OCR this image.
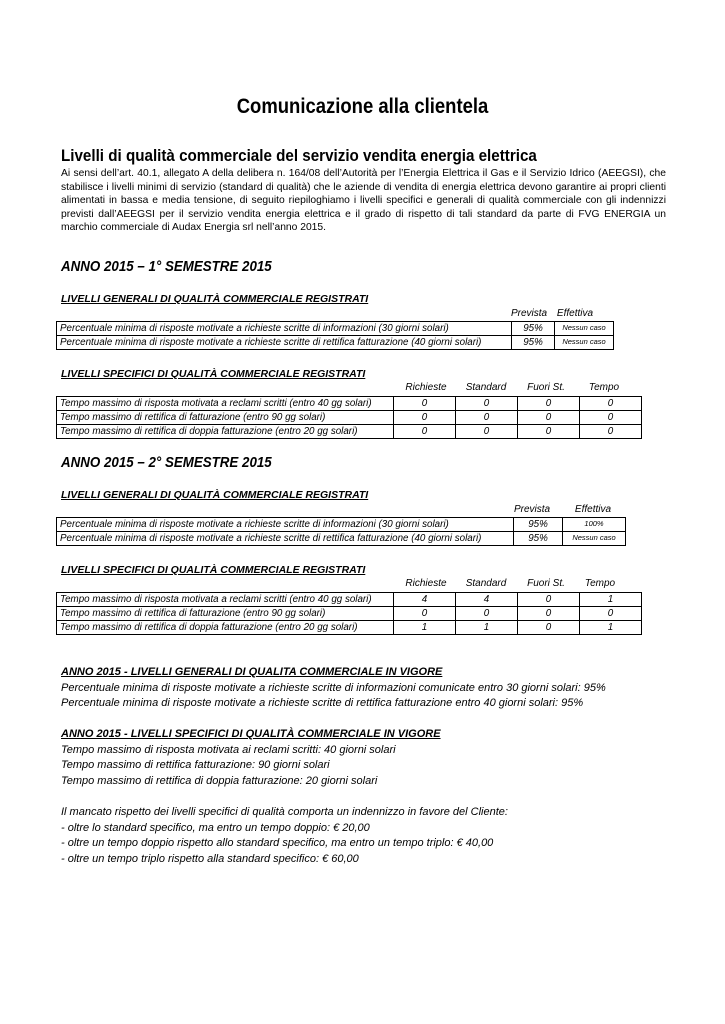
Comunicazione alla clientela
Livelli di qualità commerciale del servizio vendita energia elettrica
Ai sensi dell’art. 40.1, allegato A della delibera n. 164/08 dell’Autorità per l’Energia Elettrica il Gas e il Servizio Idrico (AEEGSI), che stabilisce i livelli minimi di servizio (standard di qualità) che le aziende di vendita di energia elettrica devono garantire ai propri clienti alimentati in bassa e media tensione, di seguito riepiloghiamo i livelli specifici e generali di qualità commerciale con gli indennizzi previsti dall’AEEGSI per il servizio vendita energia elettrica e il grado di rispetto di tali standard da parte di FVG ENERGIA un marchio commerciale di Audax Energia srl nell’anno 2015.
ANNO 2015 – 1° SEMESTRE 2015
LIVELLI GENERALI DI QUALITÀ COMMERCIALE REGISTRATI
Prevista Effettiva
Percentuale minima di risposte motivate a richieste scritte di informazioni (30 giorni solari)	95%	Nessun caso
Percentuale minima di risposte motivate a richieste scritte di rettifica fatturazione (40 giorni solari)	95%	Nessun caso
LIVELLI SPECIFICI DI QUALITÀ COMMERCIALE REGISTRATI
Richieste	Standard	Fuori St.	Tempo
Tempo massimo di risposta motivata a reclami scritti (entro 40 gg solari)	0	0	0	0
Tempo massimo di rettifica di fatturazione (entro 90 gg solari)	0	0	0	0
Tempo massimo di rettifica di doppia fatturazione (entro 20 gg solari)	0	0	0	0
ANNO 2015 – 2° SEMESTRE 2015
LIVELLI GENERALI DI QUALITÀ COMMERCIALE REGISTRATI
Prevista	Effettiva
Percentuale minima di risposte motivate a richieste scritte di informazioni (30 giorni solari)	95%	100%
Percentuale minima di risposte motivate a richieste scritte di rettifica fatturazione (40 giorni solari)	95%	Nessun caso
LIVELLI SPECIFICI DI QUALITÀ COMMERCIALE REGISTRATI
Richieste	Standard	Fuori St.	Tempo
Tempo massimo di risposta motivata a reclami scritti (entro 40 gg solari)	4	4	0	1
Tempo massimo di rettifica di fatturazione (entro 90 gg solari)	0	0	0	0
Tempo massimo di rettifica di doppia fatturazione (entro 20 gg solari)	1	1	0	1
ANNO 2015 - LIVELLI GENERALI DI QUALITA COMMERCIALE IN VIGORE
Percentuale minima di risposte motivate a richieste scritte di informazioni comunicate entro 30 giorni solari: 95%
Percentuale minima di risposte motivate a richieste scritte di rettifica fatturazione entro 40 giorni solari: 95%
ANNO 2015 - LIVELLI SPECIFICI DI QUALITÀ COMMERCIALE IN VIGORE
Tempo massimo di risposta motivata ai reclami scritti: 40 giorni solari
Tempo massimo di rettifica fatturazione: 90 giorni solari
Tempo massimo di rettifica di doppia fatturazione: 20 giorni solari
Il mancato rispetto dei livelli specifici di qualità comporta un indennizzo in favore del Cliente:
- oltre lo standard specifico, ma entro un tempo doppio: € 20,00
- oltre un tempo doppio rispetto allo standard specifico, ma entro un tempo triplo: € 40,00
- oltre un tempo triplo rispetto alla standard specifico: € 60,00
